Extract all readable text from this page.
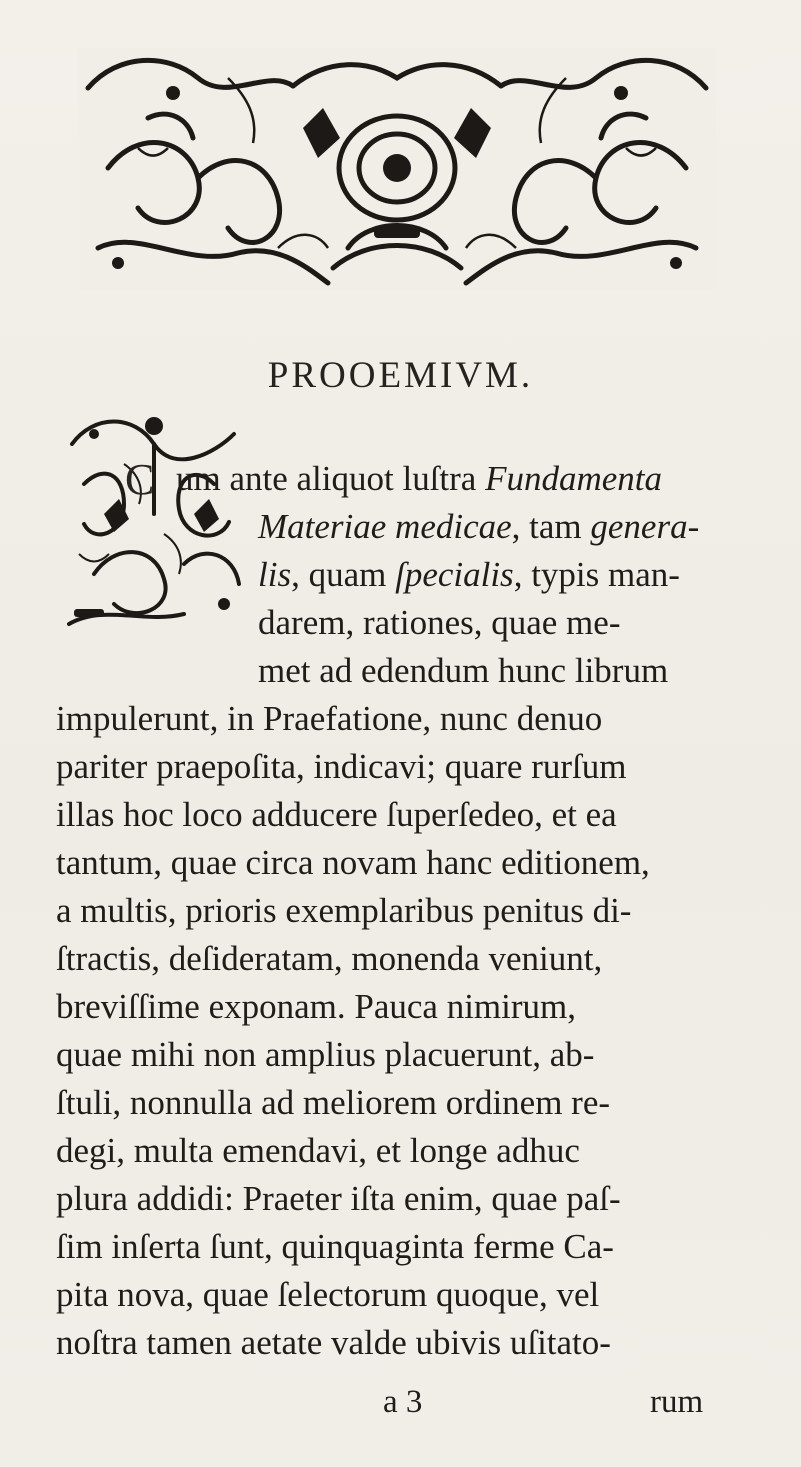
PROOEMIVM.
C um ante aliquot luſtra Fundamenta
Materiae medicae, tam genera-
lis, quam ſpecialis, typis man-
darem, rationes, quae me-
met ad edendum hunc librum
impulerunt, in Praefatione, nunc denuo
pariter praepoſita, indicavi; quare rurſum
illas hoc loco adducere ſuperſedeo, et ea
tantum, quae circa novam hanc editionem,
a multis, prioris exemplaribus penitus di-
ſtractis, deſideratam, monenda veniunt,
breviſſime exponam. Pauca nimirum,
quae mihi non amplius placuerunt, ab-
ſtuli, nonnulla ad meliorem ordinem re-
degi, multa emendavi, et longe adhuc
plura addidi: Praeter iſta enim, quae paſ-
ſim inſerta ſunt, quinquaginta ferme Ca-
pita nova, quae ſelectorum quoque, vel
noſtra tamen aetate valde ubivis uſitato-
a 3	rum
